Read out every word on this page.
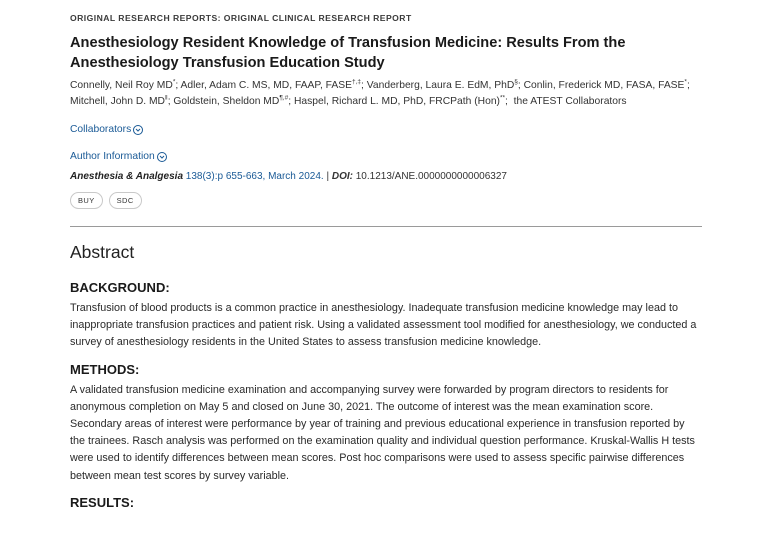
ORIGINAL RESEARCH REPORTS: ORIGINAL CLINICAL RESEARCH REPORT
Anesthesiology Resident Knowledge of Transfusion Medicine: Results From the Anesthesiology Transfusion Education Study
Connelly, Neil Roy MD*; Adler, Adam C. MS, MD, FAAP, FASE†,‡; Vanderberg, Laura E. EdM, PhD§; Conlin, Frederick MD, FASA, FASE*; Mitchell, John D. MD‖; Goldstein, Sheldon MD¶,#; Haspel, Richard L. MD, PhD, FRCPath (Hon)**;  the ATEST Collaborators
Collaborators
Author Information
Anesthesia & Analgesia 138(3):p 655-663, March 2024. | DOI: 10.1213/ANE.0000000000006327
BUY	SDC
Abstract
BACKGROUND:
Transfusion of blood products is a common practice in anesthesiology. Inadequate transfusion medicine knowledge may lead to inappropriate transfusion practices and patient risk. Using a validated assessment tool modified for anesthesiology, we conducted a survey of anesthesiology residents in the United States to assess transfusion medicine knowledge.
METHODS:
A validated transfusion medicine examination and accompanying survey were forwarded by program directors to residents for anonymous completion on May 5 and closed on June 30, 2021. The outcome of interest was the mean examination score. Secondary areas of interest were performance by year of training and previous educational experience in transfusion reported by the trainees. Rasch analysis was performed on the examination quality and individual question performance. Kruskal-Wallis H tests were used to identify differences between mean scores. Post hoc comparisons were used to assess specific pairwise differences between mean test scores by survey variable.
RESULTS:
